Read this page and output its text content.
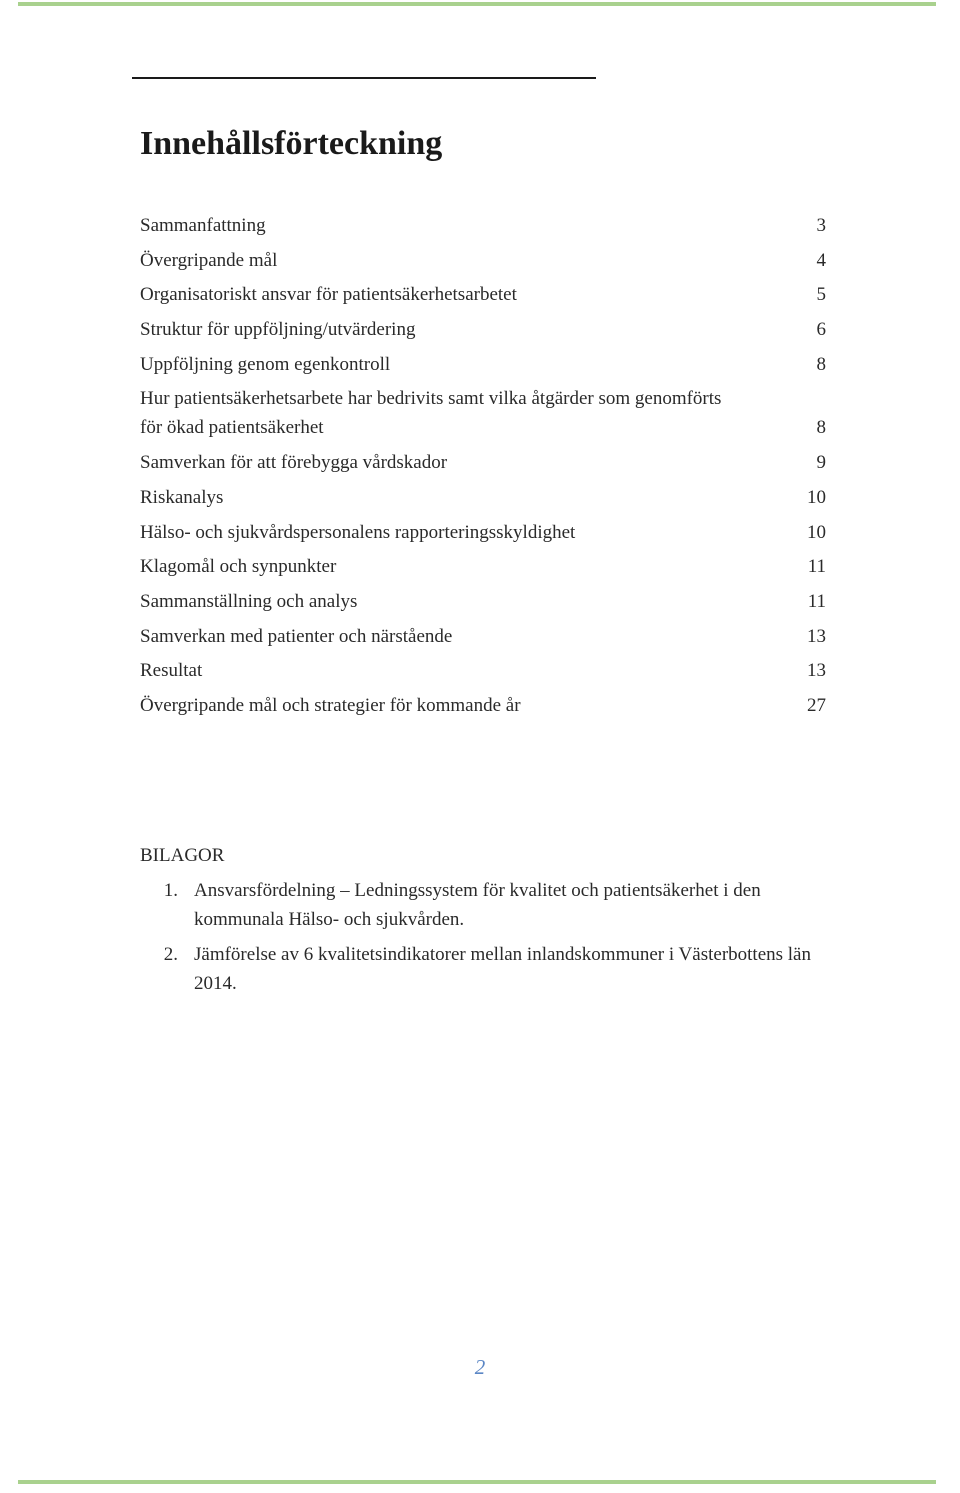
Innehållsförteckning
Sammanfattning	3
Övergripande mål	4
Organisatoriskt ansvar för patientsäkerhetsarbetet	5
Struktur för uppföljning/utvärdering	6
Uppföljning genom egenkontroll	8
Hur patientsäkerhetsarbete har bedrivits samt vilka åtgärder som genomförts för ökad patientsäkerhet	8
Samverkan för att förebygga vårdskador	9
Riskanalys	10
Hälso- och sjukvårdspersonalens rapporteringsskyldighet	10
Klagomål och synpunkter	11
Sammanställning och analys	11
Samverkan med patienter och närstående	13
Resultat	13
Övergripande mål och strategier för kommande år	27
BILAGOR
1. Ansvarsfördelning – Ledningssystem för kvalitet och patientsäkerhet i den kommunala Hälso- och sjukvården.
2. Jämförelse av 6 kvalitetsindikatorer mellan inlandskommuner i Västerbottens län 2014.
2
